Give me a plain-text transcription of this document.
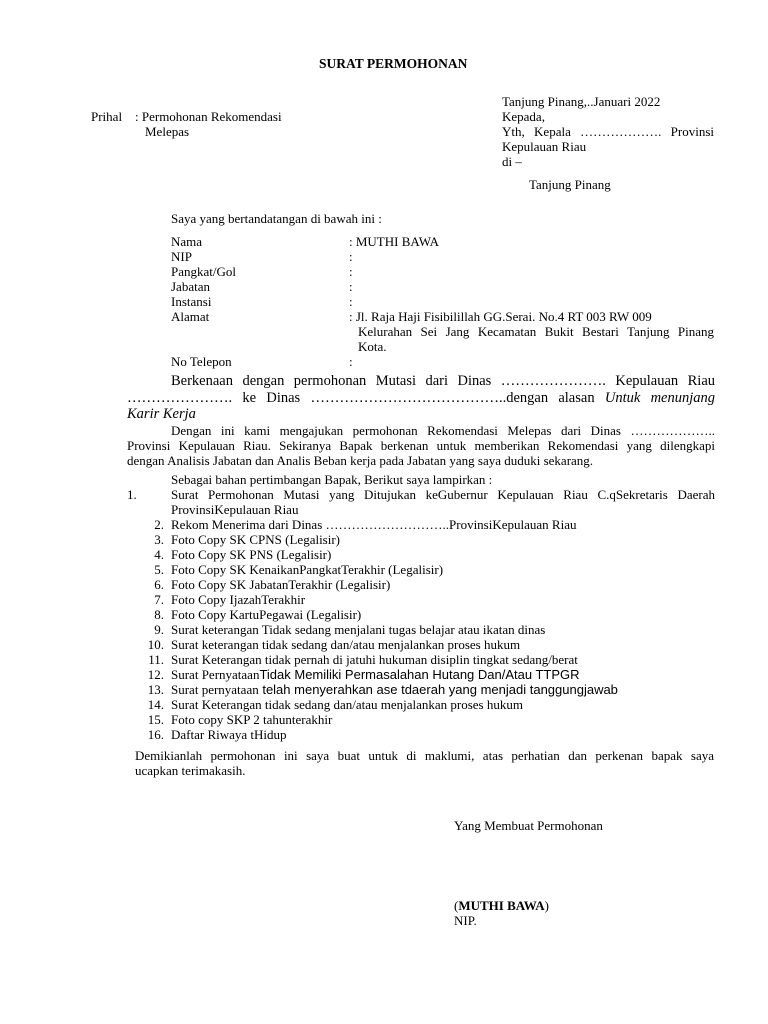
SURAT PERMOHONAN
Prihal : Permohonan Rekomendasi
Melepas
Tanjung Pinang,..Januari 2022
Kepada,
Yth, Kepala ………………. Provinsi
Kepulauan Riau
di –
Tanjung Pinang
Saya yang bertandatangan di bawah ini :
Nama	: MUTHI BAWA
NIP	:
Pangkat/Gol	:
Jabatan	:
Instansi	:
Alamat	: Jl. Raja Haji Fisibilillah GG.Serai. No.4 RT 003 RW 009
Kelurahan Sei Jang Kecamatan Bukit Bestari Tanjung Pinang
Kota.
No Telepon	:
Berkenaan dengan permohonan Mutasi dari Dinas …………………. Kepulauan Riau
…………………. ke Dinas …………………………………..dengan alasan Untuk menunjang
Karir Kerja
Dengan ini kami mengajukan permohonan Rekomendasi Melepas dari Dinas ………………..
Provinsi Kepulauan Riau. Sekiranya Bapak berkenan untuk memberikan Rekomendasi yang dilengkapi
dengan Analisis Jabatan dan Analis Beban kerja pada Jabatan yang saya duduki sekarang.
Sebagai bahan pertimbangan Bapak, Berikut saya lampirkan :
1.	Surat Permohonan Mutasi yang Ditujukan keGubernur Kepulauan Riau C.qSekretaris Daerah
ProvinsiKepulauan Riau
2. Rekom Menerima dari Dinas ………………………..ProvinsiKepulauan Riau
3. Foto Copy SK CPNS (Legalisir)
4. Foto Copy SK PNS (Legalisir)
5. Foto Copy SK KenaikanPangkatTerakhir (Legalisir)
6. Foto Copy SK JabatanTerakhir (Legalisir)
7. Foto Copy IjazahTerakhir
8. Foto Copy KartuPegawai (Legalisir)
9. Surat keterangan Tidak sedang menjalani tugas belajar atau ikatan dinas
10. Surat keterangan tidak sedang dan/atau menjalankan proses hukum
11. Surat Keterangan tidak pernah di jatuhi hukuman disiplin tingkat sedang/berat
12. Surat PernyataanTidak Memiliki Permasalahan Hutang Dan/Atau TTPGR
13. Surat pernyataan telah menyerahkan ase tdaerah yang menjadi tanggungjawab
14. Surat Keterangan tidak sedang dan/atau menjalankan proses hukum
15. Foto copy SKP 2 tahunterakhir
16. Daftar Riwaya tHidup
Demikianlah permohonan ini saya buat untuk di maklumi, atas perhatian dan perkenan bapak saya
ucapkan terimakasih.
Yang Membuat Permohonan
(MUTHI BAWA)
NIP.
